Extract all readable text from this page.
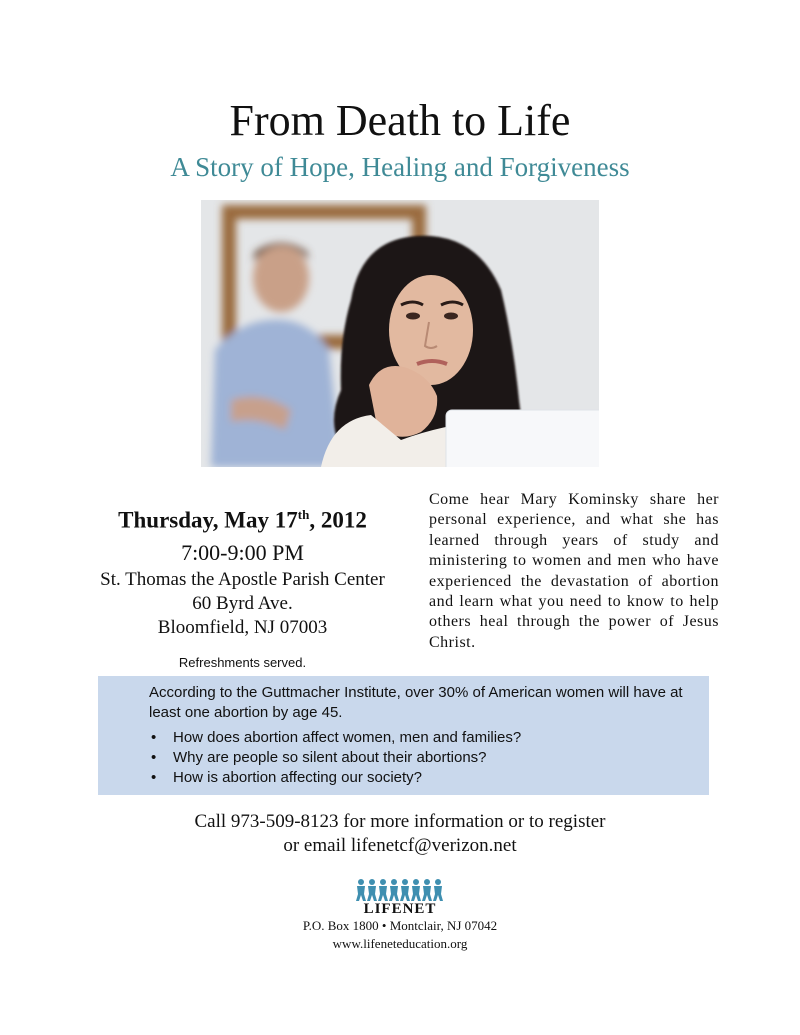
From Death to Life
A Story of Hope, Healing and Forgiveness
Thursday, May 17th, 2012
7:00-9:00 PM
St. Thomas the Apostle Parish Center
60 Byrd Ave.
Bloomfield, NJ 07003
Refreshments served.
Come hear Mary Kominsky share her personal experience, and what she has learned through years of study and ministering to women and men who have experienced the devastation of abortion and learn what you need to know to help others heal through the power of Jesus Christ.
According to the Guttmacher Institute, over 30% of American women will have at least one abortion by age 45.
• How does abortion affect women, men and families?
• Why are people so silent about their abortions?
• How is abortion affecting our society?
Call 973-509-8123 for more information or to register
or email lifenetcf@verizon.net
LIFENET
P.O. Box 1800 • Montclair, NJ 07042
www.lifeneteducation.org
